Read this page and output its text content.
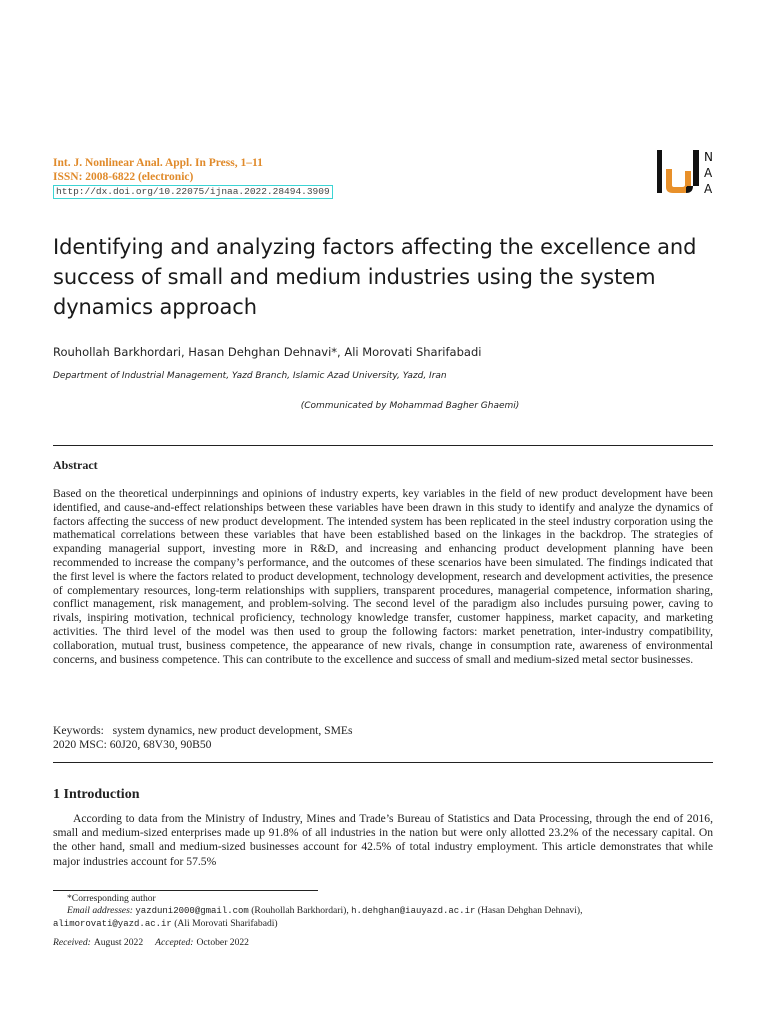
Int. J. Nonlinear Anal. Appl. In Press, 1–11
ISSN: 2008-6822 (electronic)
http://dx.doi.org/10.22075/ijnaa.2022.28494.3909
N
A
A
Identifying and analyzing factors affecting the excellence and success of small and medium industries using the system dynamics approach
Rouhollah Barkhordari, Hasan Dehghan Dehnavi*, Ali Morovati Sharifabadi
Department of Industrial Management, Yazd Branch, Islamic Azad University, Yazd, Iran
(Communicated by Mohammad Bagher Ghaemi)
Abstract
Based on the theoretical underpinnings and opinions of industry experts, key variables in the field of new product development have been identified, and cause-and-effect relationships between these variables have been drawn in this study to identify and analyze the dynamics of factors affecting the success of new product development. The intended system has been replicated in the steel industry corporation using the mathematical correlations between these variables that have been established based on the linkages in the backdrop. The strategies of expanding managerial support, investing more in R&D, and increasing and enhancing product development planning have been recommended to increase the company’s performance, and the outcomes of these scenarios have been simulated. The findings indicated that the first level is where the factors related to product development, technology development, research and development activities, the presence of complementary resources, long-term relationships with suppliers, transparent procedures, managerial competence, information sharing, conflict management, risk management, and problem-solving. The second level of the paradigm also includes pursuing power, caving to rivals, inspiring motivation, technical proficiency, technology knowledge transfer, customer happiness, market capacity, and marketing activities. The third level of the model was then used to group the following factors: market penetration, inter-industry compatibility, collaboration, mutual trust, business competence, the appearance of new rivals, change in consumption rate, awareness of environmental concerns, and business competence. This can contribute to the excellence and success of small and medium-sized metal sector businesses.
Keywords: system dynamics, new product development, SMEs
2020 MSC: 60J20, 68V30, 90B50
1 Introduction
According to data from the Ministry of Industry, Mines and Trade’s Bureau of Statistics and Data Processing, through the end of 2016, small and medium-sized enterprises made up 91.8% of all industries in the nation but were only allotted 23.2% of the necessary capital. On the other hand, small and medium-sized businesses account for 42.5% of total industry employment. This article demonstrates that while major industries account for 57.5%
*Corresponding author
Email addresses: yazduni2000@gmail.com (Rouhollah Barkhordari), h.dehghan@iauyazd.ac.ir (Hasan Dehghan Dehnavi),
alimorovati@yazd.ac.ir (Ali Morovati Sharifabadi)
Received: August 2022 Accepted: October 2022
